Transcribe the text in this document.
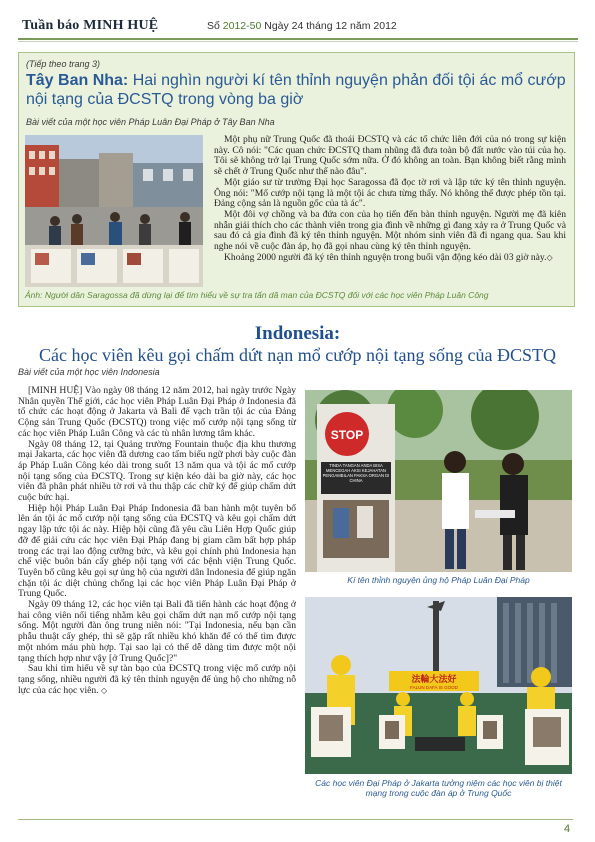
Tuần báo MINH HUỆ	Số 2012-50 Ngày 24 tháng 12 năm 2012
(Tiếp theo trang 3)
Tây Ban Nha: Hai nghìn người kí tên thỉnh nguyện phản đối tội ác mổ cướp nội tạng của ĐCSTQ trong vòng ba giờ
Bài viết của một học viên Pháp Luân Đại Pháp ở Tây Ban Nha
Ảnh: Người dân Saragossa đã dừng lại để tìm hiểu về sự tra tấn dã man của ĐCSTQ đối với các học viên Pháp Luân Công

Một phụ nữ Trung Quốc đã thoái ĐCSTQ và các tổ chức liên đới của nó trong sự kiện này. Cô nói: "Các quan chức ĐCSTQ tham nhũng đã đưa toàn bộ đất nước vào túi của họ. Tôi sẽ không trở lại Trung Quốc sớm nữa. Ở đó không an toàn. Bạn không biết rằng mình sẽ chết ở Trung Quốc như thế nào đâu".

Một giáo sư từ trường Đại học Saragossa đã đọc tờ rơi và lập tức ký tên thỉnh nguyện. Ông nói: "Mổ cướp nội tạng là một tội ác chưa từng thấy. Nó không thể được phép tồn tại. Đảng cộng sản là nguồn gốc của tà ác".

Một đôi vợ chồng và ba đứa con của họ tiến đến bàn thỉnh nguyện. Người mẹ đã kiên nhẫn giải thích cho các thành viên trong gia đình về những gì đang xảy ra ở Trung Quốc và sau đó cả gia đình đã ký tên thỉnh nguyện. Một nhóm sinh viên đã đi ngang qua. Sau khi nghe nói về cuộc đàn áp, họ đã gọi nhau cùng ký tên thỉnh nguyện.

Khoảng 2000 người đã ký tên thỉnh nguyện trong buổi vận động kéo dài 03 giờ này.◇

Indonesia:
Các học viên kêu gọi chấm dứt nạn mổ cướp nội tạng sống của ĐCSTQ
Bài viết của một học viên Indonesia

[MINH HUỆ] Vào ngày 08 tháng 12 năm 2012, hai ngày trước Ngày Nhân quyền Thế giới, các học viên Pháp Luân Đại Pháp ở Indonesia đã tổ chức các hoạt động ở Jakarta và Bali để vạch trần tội ác của Đảng Cộng sản Trung Quốc (ĐCSTQ) trong việc mổ cướp nội tạng sống từ các học viên Pháp Luân Công và các tù nhân lương tâm khác.

Ngày 08 tháng 12, tại Quảng trường Fountain thuộc địa khu thương mại Jakarta, các học viên đã dương cao tấm biểu ngữ phơi bày cuộc đàn áp Pháp Luân Công kéo dài trong suốt 13 năm qua và tội ác mổ cướp nội tạng sống của ĐCSTQ. Trong sự kiện kéo dài ba giờ này, các học viên đã phân phát nhiều tờ rơi và thu thập các chữ ký để giúp chấm dứt cuộc bức hại.

Hiệp hội Pháp Luân Đại Pháp Indonesia đã ban hành một tuyên bố lên án tội ác mổ cướp nội tạng sống của ĐCSTQ và kêu gọi chấm dứt ngay lập tức tội ác này. Hiệp hội cũng đã yêu cầu Liên Hợp Quốc giúp đỡ để giải cứu các học viên Đại Pháp đang bị giam cầm bất hợp pháp trong các trại lao động cưỡng bức, và kêu gọi chính phủ Indonesia hạn chế việc buôn bán cấy ghép nội tạng với các bệnh viện Trung Quốc. Tuyên bố cũng kêu gọi sự ủng hộ của người dân Indonesia để giúp ngăn chặn tội ác diệt chủng chống lại các học viên Pháp Luân Đại Pháp ở Trung Quốc.

Ngày 09 tháng 12, các học viên tại Bali đã tiến hành các hoạt động ở hai công viên nổi tiếng nhằm kêu gọi chấm dứt nạn mổ cướp nội tạng sống. Một người đàn ông trung niên nói: "Tại Indonesia, nếu bạn cần phẫu thuật cấy ghép, thì sẽ gặp rất nhiều khó khăn để có thể tìm được một nhóm máu phù hợp. Tại sao lại có thể dễ dàng tìm được một nội tạng thích hợp như vậy [ở Trung Quốc]?"

Sau khi tìm hiểu về sự tàn bạo của ĐCSTQ trong việc mổ cướp nội tạng sống, nhiều người đã ký tên thỉnh nguyện để ủng hộ cho những nỗ lực của các học viên. ◇

STOP
TINDA TANGAN ANDA BISA MENCEGAH AKSI KEJAHATAN PENGAMBILAN PAKSA ORGAN DI CHINA
Kí tên thỉnh nguyện ủng hộ Pháp Luân Đại Pháp
法輪大法好
FALUN DAFA IS GOOD
Các học viên Đại Pháp ở Jakarta tưởng niệm các học viên bị thiệt mạng trong cuộc đàn áp ở Trung Quốc
4
